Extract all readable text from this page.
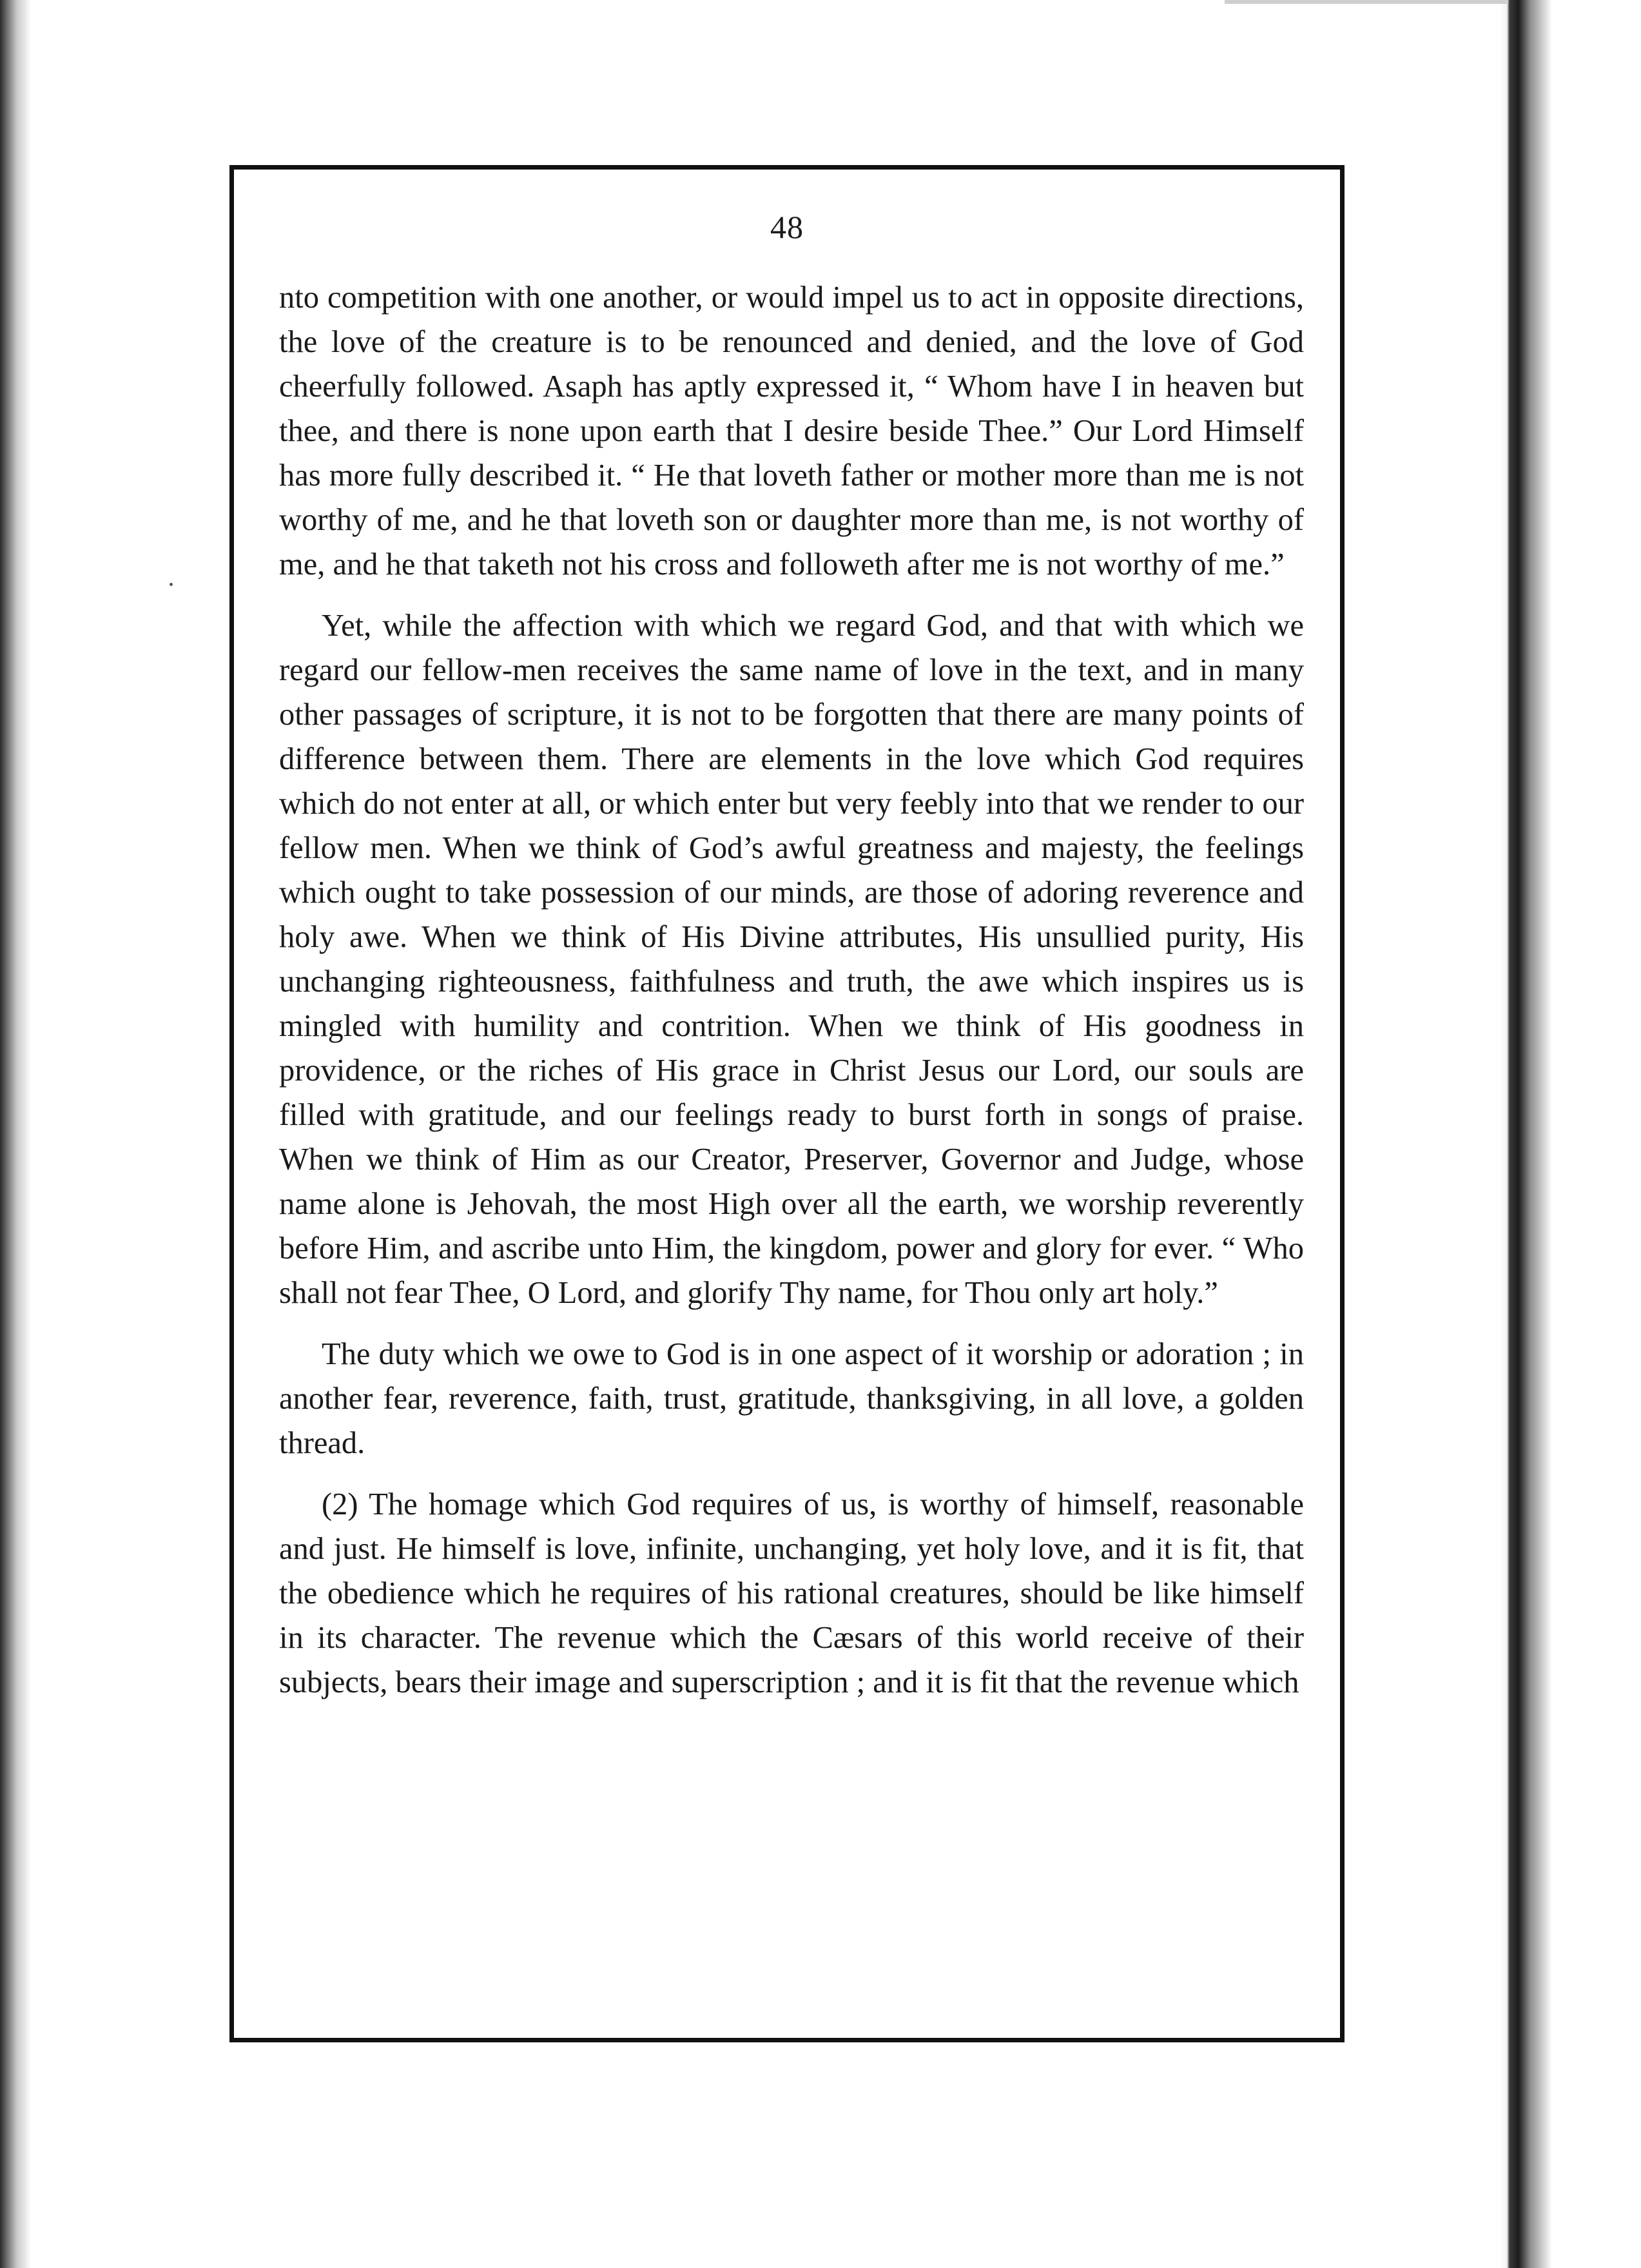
48

nto competition with one another, or would impel us to act in opposite directions, the love of the creature is to be renounced and denied, and the love of God cheerfully followed. Asaph has aptly expressed it, “ Whom have I in heaven but thee, and there is none upon earth that I desire beside Thee.” Our Lord Himself has more fully described it. “ He that loveth father or mother more than me is not worthy of me, and he that loveth son or daughter more than me, is not worthy of me, and he that taketh not his cross and followeth after me is not worthy of me.”

Yet, while the affection with which we regard God, and that with which we regard our fellow-men receives the same name of love in the text, and in many other passages of scripture, it is not to be forgotten that there are many points of difference between them. There are elements in the love which God requires which do not enter at all, or which enter but very feebly into that we render to our fellow men. When we think of God’s awful greatness and majesty, the feelings which ought to take possession of our minds, are those of adoring reverence and holy awe. When we think of His Divine attributes, His unsullied purity, His unchanging righteousness, faithfulness and truth, the awe which inspires us is mingled with humility and contrition. When we think of His goodness in providence, or the riches of His grace in Christ Jesus our Lord, our souls are filled with gratitude, and our feelings ready to burst forth in songs of praise. When we think of Him as our Creator, Preserver, Governor and Judge, whose name alone is Jehovah, the most High over all the earth, we worship reverently before Him, and ascribe unto Him, the kingdom, power and glory for ever. “ Who shall not fear Thee, O Lord, and glorify Thy name, for Thou only art holy.”

The duty which we owe to God is in one aspect of it worship or adoration ; in another fear, reverence, faith, trust, gratitude, thanksgiving, in all love, a golden thread.

(2) The homage which God requires of us, is worthy of himself, reasonable and just. He himself is love, infinite, unchanging, yet holy love, and it is fit, that the obedience which he requires of his rational creatures, should be like himself in its character. The revenue which the Cæsars of this world receive of their subjects, bears their image and superscription ; and it is fit that the revenue which
